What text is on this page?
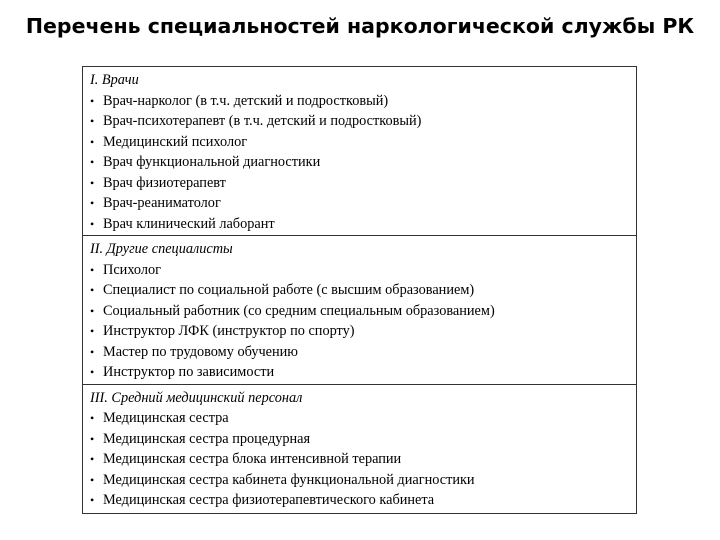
Перечень специальностей наркологической службы РК
I. Врачи
• Врач-нарколог (в т.ч. детский и подростковый)
• Врач-психотерапевт (в т.ч. детский и подростковый)
• Медицинский психолог
• Врач функциональной диагностики
• Врач физиотерапевт
• Врач-реаниматолог
• Врач клинический лаборант
II. Другие специалисты
• Психолог
• Специалист по социальной работе (с высшим образованием)
• Социальный работник (со средним специальным образованием)
• Инструктор ЛФК (инструктор по спорту)
• Мастер по трудовому обучению
• Инструктор по зависимости
III. Средний медицинский персонал
• Медицинская сестра
• Медицинская сестра процедурная
• Медицинская сестра блока интенсивной терапии
• Медицинская сестра кабинета функциональной диагностики
• Медицинская сестра физиотерапевтического кабинета
